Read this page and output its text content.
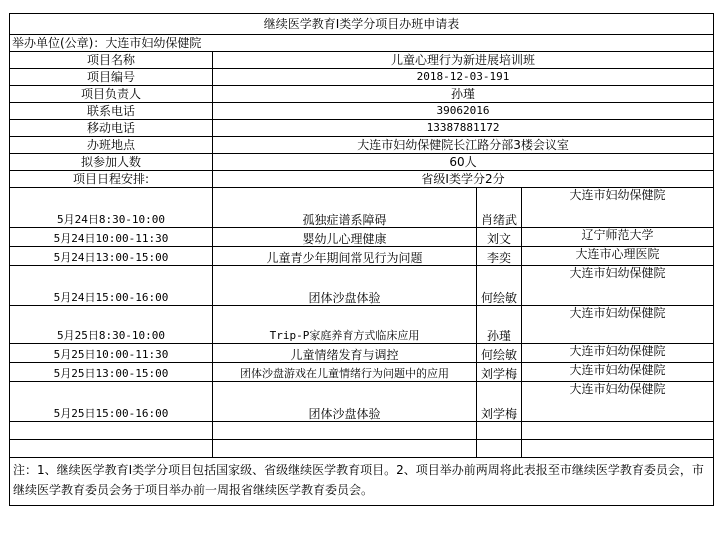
继续医学教育Ⅰ类学分项目办班申请表			
举办单位(公章)：大连市妇幼保健院			
项目名称	儿童心理行为新进展培训班		
项目编号	2018-12-03-191		
项目负责人	孙瑾		
联系电话	39062016		
移动电话	13387881172		
办班地点	大连市妇幼保健院长江路分部3楼会议室		
拟参加人数	60人		
项目日程安排:	省级Ⅰ类学分2分		
5月24日8:30-10:00	孤独症谱系障碍	肖绪武	大连市妇幼保健院
5月24日10:00-11:30	婴幼儿心理健康	刘文	辽宁师范大学
5月24日13:00-15:00	儿童青少年期间常见行为问题	李奕	大连市心理医院
5月24日15:00-16:00	团体沙盘体验	何绘敏	大连市妇幼保健院
5月25日8:30-10:00	Trip-P家庭养育方式临床应用	孙瑾	大连市妇幼保健院
5月25日10:00-11:30	儿童情绪发育与调控	何绘敏	大连市妇幼保健院
5月25日13:00-15:00	团体沙盘游戏在儿童情绪行为问题中的应用	刘学梅	大连市妇幼保健院
5月25日15:00-16:00	团体沙盘体验	刘学梅	大连市妇幼保健院

注：1、继续医学教育Ⅰ类学分项目包括国家级、省级继续医学教育项目。2、项目举办前两周将此表报至市继续医学教育委员会，市继续医学教育委员会务于项目举办前一周报省继续医学教育委员会。			
